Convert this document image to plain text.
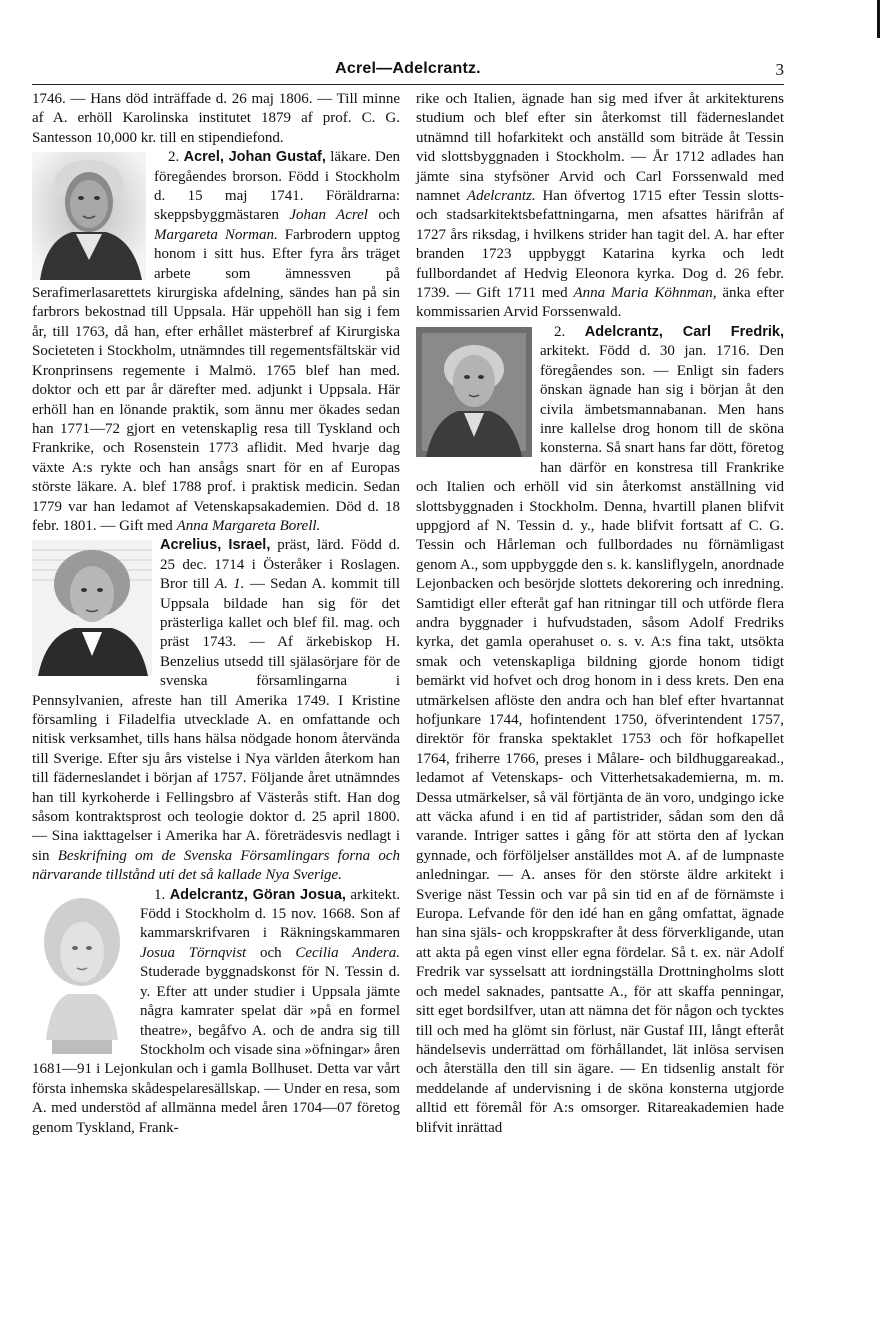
Acrel—Adelcrantz.	3

1746. — Hans död inträffade d. 26 maj 1806. — Till minne af A. erhöll Karolinska institutet 1879 af prof. C. G. Santesson 10,000 kr. till en stipendiefond.

2. Acrel, Johan Gustaf, läkare. Den föregåendes brorson. Född i Stockholm d. 15 maj 1741. Föräldrarna: skeppsbyggmästaren Johan Acrel och Margareta Norman. Farbrodern upptog honom i sitt hus. Efter fyra års träget arbete som ämnessven på Serafimerlasarettets kirurgiska afdelning, sändes han på sin farbrors bekostnad till Uppsala. Här uppehöll han sig i fem år, till 1763, då han, efter erhållet mästerbref af Kirurgiska Societeten i Stockholm, utnämndes till regementsfältskär vid Kronprinsens regemente i Malmö. 1765 blef han med. doktor och ett par år därefter med. adjunkt i Uppsala. Här erhöll han en lönande praktik, som ännu mer ökades sedan han 1771—72 gjort en vetenskaplig resa till Tyskland och Frankrike, och Rosenstein 1773 aflidit. Med hvarje dag växte A:s rykte och han ansågs snart för en af Europas störste läkare. A. blef 1788 prof. i praktisk medicin. Sedan 1779 var han ledamot af Vetenskapsakademien. Död d. 18 febr. 1801. — Gift med Anna Margareta Borell.

Acrelius, Israel, präst, lärd. Född d. 25 dec. 1714 i Österåker i Roslagen. Bror till A. 1. — Sedan A. kommit till Uppsala bildade han sig för det prästerliga kallet och blef fil. mag. och präst 1743. — Af ärkebiskop H. Benzelius utsedd till själasörjare för de svenska församlingarna i Pennsylvanien, afreste han till Amerika 1749. I Kristine församling i Filadelfia utvecklade A. en omfattande och nitisk verksamhet, tills hans hälsa nödgade honom återvända till Sverige. Efter sju års vistelse i Nya världen återkom han till fäderneslandet i början af 1757. Följande året utnämndes han till kyrkoherde i Fellingsbro af Västerås stift. Han dog såsom kontraktsprost och teologie doktor d. 25 april 1800. — Sina iakttagelser i Amerika har A. företrädesvis nedlagt i sin Beskrifning om de Svenska Församlingars forna och närvarande tillstånd uti det så kallade Nya Sverige.

1. Adelcrantz, Göran Josua, arkitekt. Född i Stockholm d. 15 nov. 1668. Son af kammarskrifvaren i Räkningskammaren Josua Törnqvist och Cecilia Andera. Studerade byggnadskonst för N. Tessin d. y. Efter att under studier i Uppsala jämte några kamrater spelat där »på en formel theatre», begåfvo A. och de andra sig till Stockholm och visade sina »öfningar» åren 1681—91 i Lejonkulan och i gamla Bollhuset. Detta var vårt första inhemska skådespelaresällskap. — Under en resa, som A. med understöd af allmänna medel åren 1704—07 företog genom Tyskland, Frank-

rike och Italien, ägnade han sig med ifver åt arkitekturens studium och blef efter sin återkomst till fäderneslandet utnämnd till hofarkitekt och anställd som biträde åt Tessin vid slottsbyggnaden i Stockholm. — År 1712 adlades han jämte sina styfsöner Arvid och Carl Forssenwald med namnet Adelcrantz. Han öfvertog 1715 efter Tessin slotts- och stadsarkitektsbefattningarna, men afsattes härifrån af 1727 års riksdag, i hvilkens strider han tagit del. A. har efter branden 1723 uppbyggt Katarina kyrka och ledt fullbordandet af Hedvig Eleonora kyrka. Dog d. 26 febr. 1739. — Gift 1711 med Anna Maria Köhnman, änka efter kommissarien Arvid Forssenwald.

2. Adelcrantz, Carl Fredrik,
arkitekt. Född d. 30 jan. 1716. Den föregåendes son. — Enligt sin faders önskan ägnade han sig i början åt den civila ämbetsmannabanan. Men hans inre kallelse drog honom till de sköna konsterna. Så snart hans far dött, företog han därför en konstresa till Frankrike och Italien och erhöll vid sin återkomst anställning vid slottsbyggnaden i Stockholm. Denna, hvartill planen blifvit uppgjord af N. Tessin d. y., hade blifvit fortsatt af C. G. Tessin och Hårleman och fullbordades nu förnämligast genom A., som uppbyggde den s. k. kansliflygeln, anordnade Lejonbacken och besörjde slottets dekorering och inredning. Samtidigt eller efteråt gaf han ritningar till och utförde flera andra byggnader i hufvudstaden, såsom Adolf Fredriks kyrka, det gamla operahuset o. s. v. A:s fina takt, utsökta smak och vetenskapliga bildning gjorde honom tidigt bemärkt vid hofvet och drog honom in i dess krets. Den ena utmärkelsen aflöste den andra och han blef efter hvartannat hofjunkare 1744, hofintendent 1750, öfverintendent 1757, direktör för franska spektaklet 1753 och för hofkapellet 1764, friherre 1766, preses i Målare- och bildhuggareakad., ledamot af Vetenskaps- och Vitterhetsakademierna, m. m. Dessa utmärkelser, så väl förtjänta de än voro, undgingo icke att väcka afund i en tid af partistrider, sådan som den då varande. Intriger sattes i gång för att störta den af lyckan gynnade, och förföljelser anställdes mot A. af de lumpnaste anledningar. — A. anses för den störste äldre arkitekt i Sverige näst Tessin och var på sin tid en af de förnämste i Europa. Lefvande för den idé han en gång omfattat, ägnade han sina själs- och kroppskrafter åt dess förverkligande, utan att akta på egen vinst eller egna fördelar. Så t. ex. när Adolf Fredrik var sysselsatt att iordningställa Drottningholms slott och medel saknades, pantsatte A., för att skaffa penningar, sitt eget bordsilfver, utan att nämna det för någon och tycktes till och med ha glömt sin förlust, när Gustaf III, långt efteråt händelsevis underrättad om förhållandet, lät inlösa servisen och återställa den till sin ägare. — En tidsenlig anstalt för meddelande af undervisning i de sköna konsterna utgjorde alltid ett föremål för A:s omsorger. Ritareakademien hade blifvit inrättad
